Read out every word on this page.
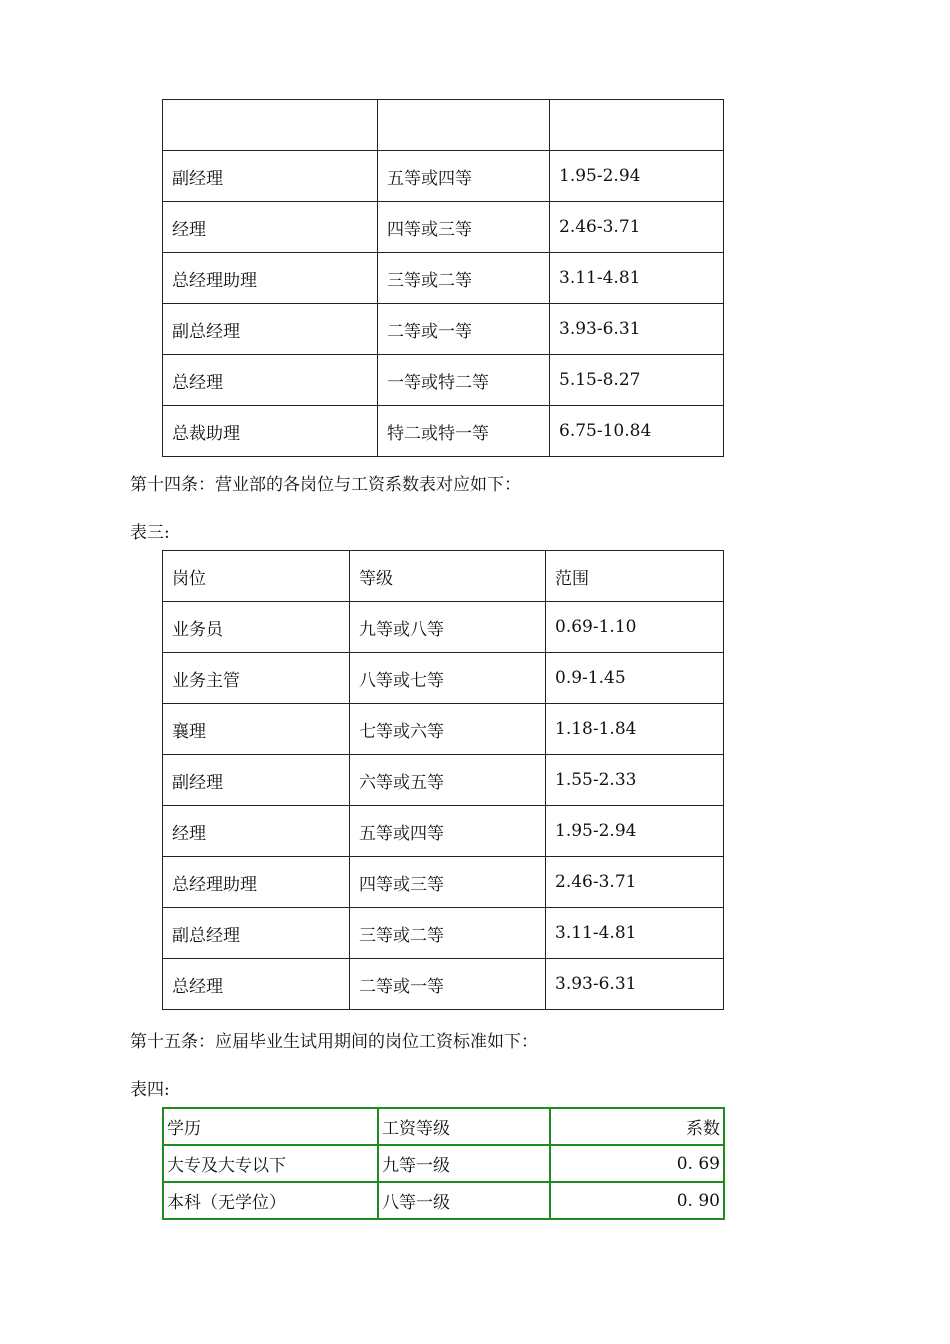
副经理	五等或四等	1.95-2.94
经理	四等或三等	2.46-3.71
总经理助理	三等或二等	3.11-4.81
副总经理	二等或一等	3.93-6.31
总经理	一等或特二等	5.15-8.27
总裁助理	特二或特一等	6.75-10.84
第十四条：营业部的各岗位与工资系数表对应如下：
表三:
岗位	等级	范围
业务员	九等或八等	0.69-1.10
业务主管	八等或七等	0.9-1.45
襄理	七等或六等	1.18-1.84
副经理	六等或五等	1.55-2.33
经理	五等或四等	1.95-2.94
总经理助理	四等或三等	2.46-3.71
副总经理	三等或二等	3.11-4.81
总经理	二等或一等	3.93-6.31
第十五条：应届毕业生试用期间的岗位工资标准如下：
表四:
学历	工资等级	系数
大专及大专以下	九等一级	0. 69
本科（无学位）	八等一级	0. 90
